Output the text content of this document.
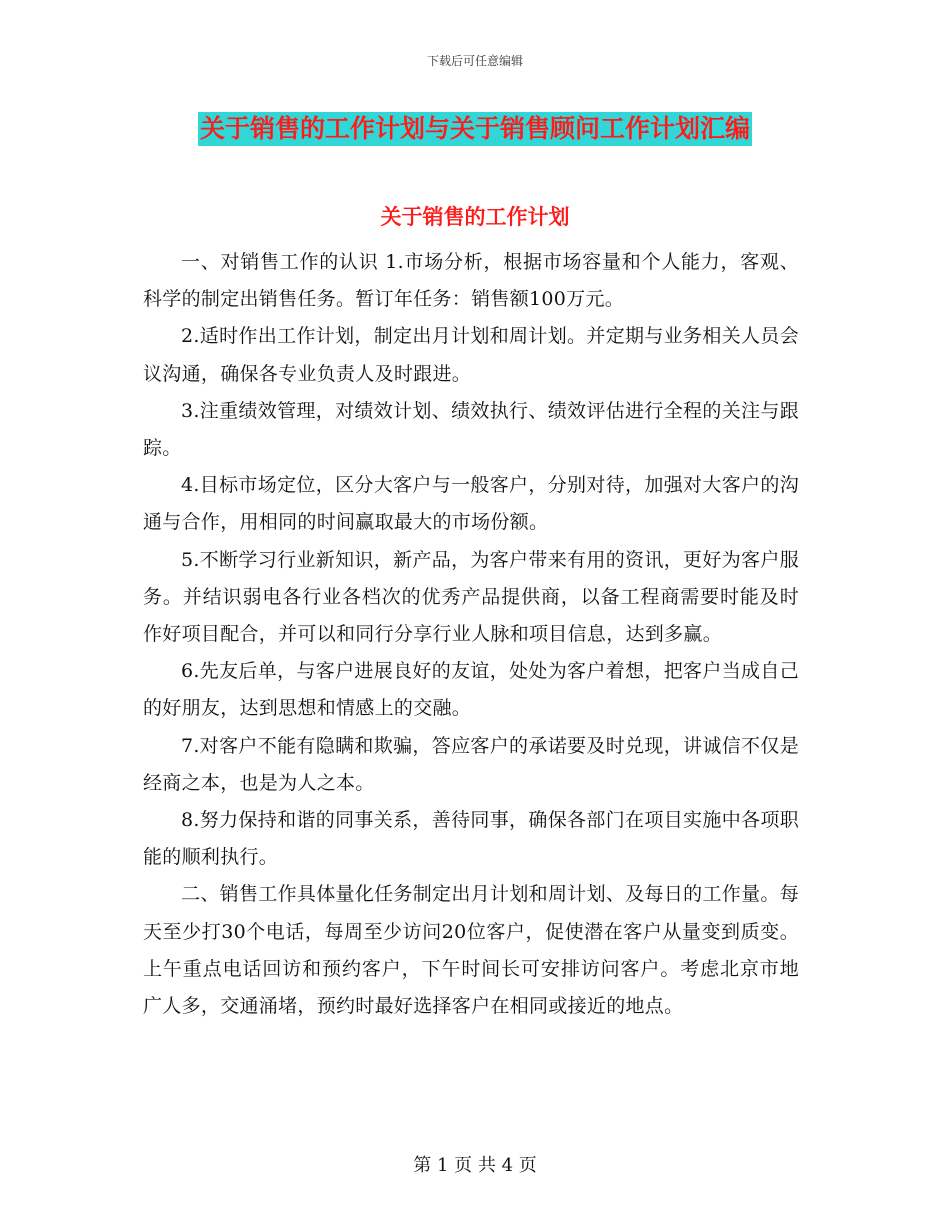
下载后可任意编辑
关于销售的工作计划与关于销售顾问工作计划汇编
关于销售的工作计划

一、对销售工作的认识 1.市场分析，根据市场容量和个人能力，客观、科学的制定出销售任务。暂订年任务：销售额100万元。

2.适时作出工作计划，制定出月计划和周计划。并定期与业务相关人员会议沟通，确保各专业负责人及时跟进。

3.注重绩效管理，对绩效计划、绩效执行、绩效评估进行全程的关注与跟踪。

4.目标市场定位，区分大客户与一般客户，分别对待，加强对大客户的沟通与合作，用相同的时间赢取最大的市场份额。

5.不断学习行业新知识，新产品，为客户带来有用的资讯，更好为客户服务。并结识弱电各行业各档次的优秀产品提供商，以备工程商需要时能及时作好项目配合，并可以和同行分享行业人脉和项目信息，达到多赢。

6.先友后单，与客户进展良好的友谊，处处为客户着想，把客户当成自己的好朋友，达到思想和情感上的交融。

7.对客户不能有隐瞒和欺骗，答应客户的承诺要及时兑现，讲诚信不仅是经商之本，也是为人之本。

8.努力保持和谐的同事关系，善待同事，确保各部门在项目实施中各项职能的顺利执行。

二、销售工作具体量化任务制定出月计划和周计划、及每日的工作量。每天至少打30个电话，每周至少访问20位客户，促使潜在客户从量变到质变。上午重点电话回访和预约客户，下午时间长可安排访问客户。考虑北京市地广人多，交通涌堵，预约时最好选择客户在相同或接近的地点。

第 1 页 共 4 页
